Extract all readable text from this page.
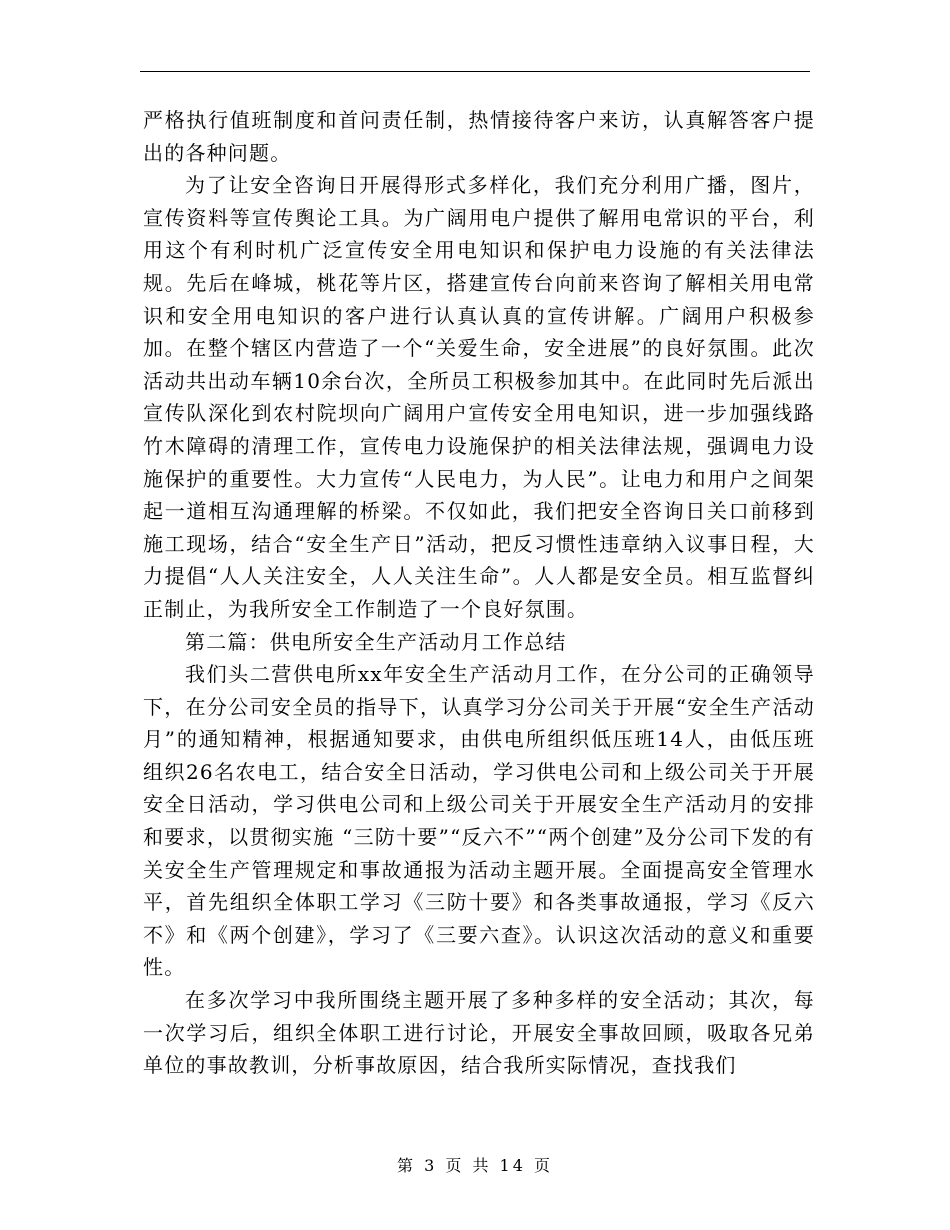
严格执行值班制度和首问责任制，热情接待客户来访，认真解答客户提出的各种问题。

为了让安全咨询日开展得形式多样化，我们充分利用广播，图片，宣传资料等宣传舆论工具。为广阔用电户提供了解用电常识的平台，利用这个有利时机广泛宣传安全用电知识和保护电力设施的有关法律法规。先后在峰城，桃花等片区，搭建宣传台向前来咨询了解相关用电常识和安全用电知识的客户进行认真认真的宣传讲解。广阔用户积极参加。在整个辖区内营造了一个“关爱生命，安全进展”的良好氛围。此次活动共出动车辆10余台次，全所员工积极参加其中。在此同时先后派出宣传队深化到农村院坝向广阔用户宣传安全用电知识，进一步加强线路竹木障碍的清理工作，宣传电力设施保护的相关法律法规，强调电力设施保护的重要性。大力宣传“人民电力，为人民”。让电力和用户之间架起一道相互沟通理解的桥梁。不仅如此，我们把安全咨询日关口前移到施工现场，结合“安全生产日”活动，把反习惯性违章纳入议事日程，大力提倡“人人关注安全，人人关注生命”。人人都是安全员。相互监督纠正制止，为我所安全工作制造了一个良好氛围。

第二篇：供电所安全生产活动月工作总结

我们头二营供电所xx年安全生产活动月工作，在分公司的正确领导下，在分公司安全员的指导下，认真学习分公司关于开展“安全生产活动月”的通知精神，根据通知要求，由供电所组织低压班14人，由低压班组织26名农电工，结合安全日活动，学习供电公司和上级公司关于开展安全日活动，学习供电公司和上级公司关于开展安全生产活动月的安排和要求，以贯彻实施 “三防十要”“反六不”“两个创建”及分公司下发的有关安全生产管理规定和事故通报为活动主题开展。全面提高安全管理水平，首先组织全体职工学习《三防十要》和各类事故通报，学习《反六不》和《两个创建》，学习了《三要六查》。认识这次活动的意义和重要性。

在多次学习中我所围绕主题开展了多种多样的安全活动；其次，每一次学习后，组织全体职工进行讨论，开展安全事故回顾，吸取各兄弟单位的事故教训，分析事故原因，结合我所实际情况，查找我们

第 3 页 共 14 页
